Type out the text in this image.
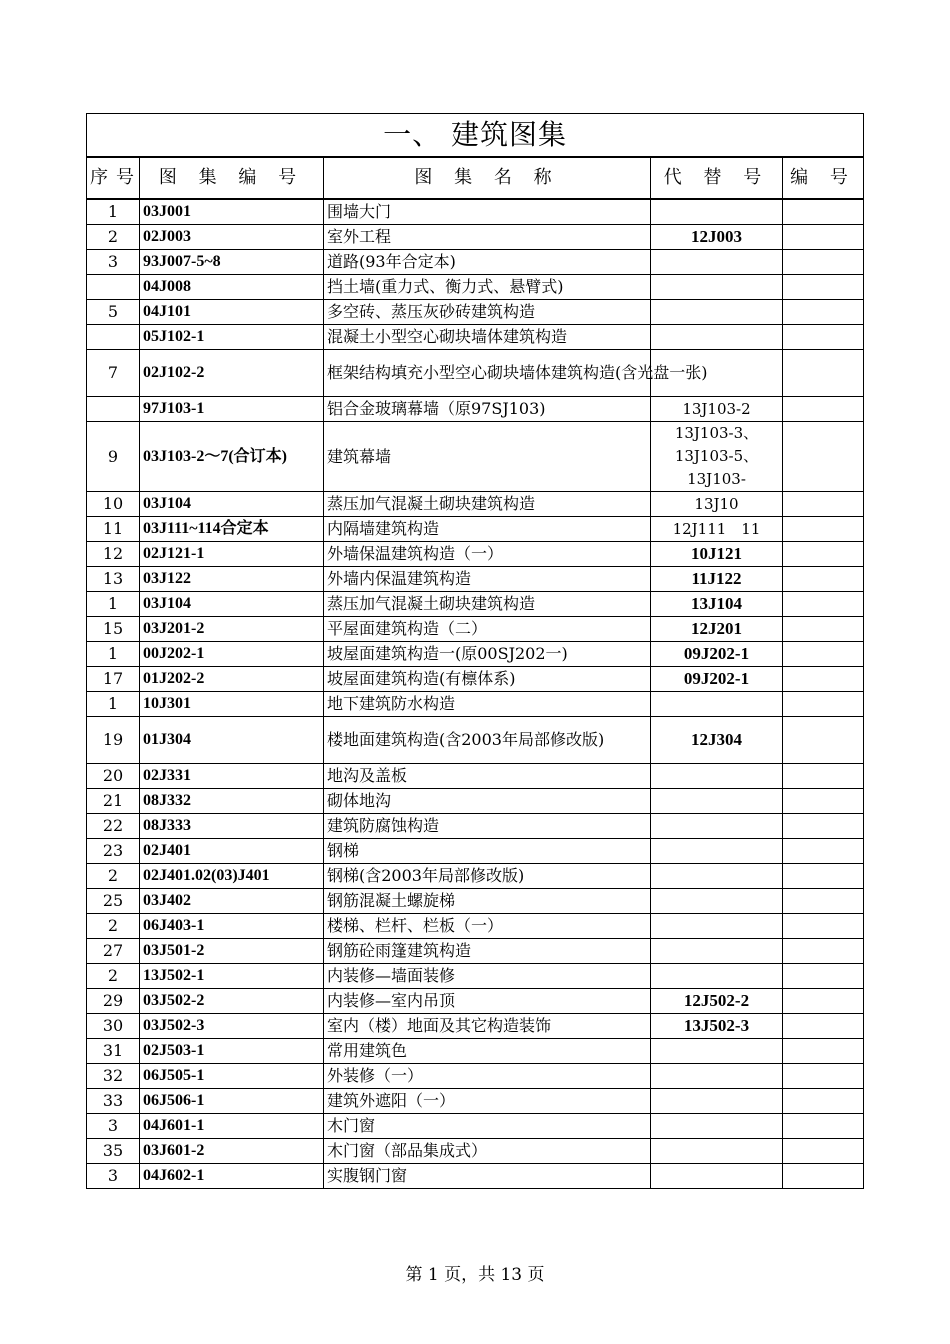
一、 建筑图集				
序号	图 集 编 号	图 集 名 称	代 替 号	编 号
1	03J001	围墙大门		
2	02J003	室外工程	12J003	
3	93J007-5~8	道路(93年合定本)		
	04J008	挡土墙(重力式、衡力式、悬臂式)		
5	04J101	多空砖、蒸压灰砂砖建筑构造		
	05J102-1	混凝土小型空心砌块墙体建筑构造		
7	02J102-2	框架结构填充小型空心砌块墙体建筑构造(含光盘一张)		
	97J103-1	铝合金玻璃幕墙（原97SJ103)	13J103-2	
9	03J103-2～7(合订本)	建筑幕墙	13J103-3、13J103-5、13J103-	
10	03J104	蒸压加气混凝土砌块建筑构造	13J10	
11	03J111~114合定本	内隔墙建筑构造	12J111　11	
12	02J121-1	外墙保温建筑构造（一）	10J121	
13	03J122	外墙内保温建筑构造	11J122	
1	03J104	蒸压加气混凝土砌块建筑构造	13J104	
15	03J201-2	平屋面建筑构造（二）	12J201	
1	00J202-1	坡屋面建筑构造一(原00SJ202一)	09J202-1	
17	01J202-2	坡屋面建筑构造(有檩体系)	09J202-1	
1	10J301	地下建筑防水构造		
19	01J304	楼地面建筑构造(含2003年局部修改版)	12J304	
20	02J331	地沟及盖板		
21	08J332	砌体地沟		
22	08J333	建筑防腐蚀构造		
23	02J401	钢梯		
2	02J401.02(03)J401	钢梯(含2003年局部修改版)		
25	03J402	钢筋混凝土螺旋梯		
2	06J403-1	楼梯、栏杆、栏板（一）		
27	03J501-2	钢筋砼雨篷建筑构造		
2	13J502-1	内装修—墙面装修		
29	03J502-2	内装修—室内吊顶	12J502-2	
30	03J502-3	室内（楼）地面及其它构造装饰	13J502-3	
31	02J503-1	常用建筑色		
32	06J505-1	外装修（一）		
33	06J506-1	建筑外遮阳（一）		
3	04J601-1	木门窗		
35	03J601-2	木门窗（部品集成式）		
3	04J602-1	实腹钢门窗		
第 1 页，共 13 页
